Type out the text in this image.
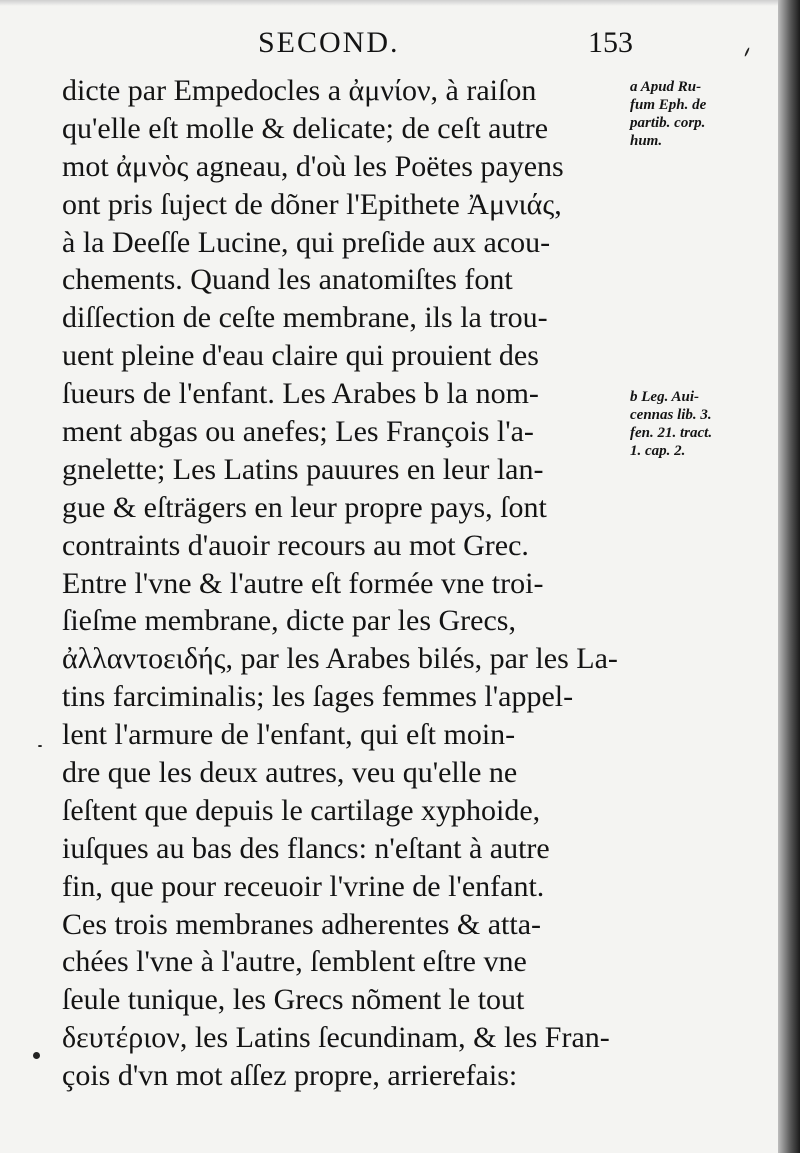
SECOND.	153
dicte par Empedocles a ἀμνίον, à raiſon
qu'elle eſt molle & delicate; de ceſt autre
mot ἀμνὸς agneau, d'où les Poëtes payens
ont pris ſuject de dõner l'Epithete Ἀμνιάς,
à la Deeſſe Lucine, qui preſide aux acou-
chements. Quand les anatomiſtes font
diſſection de ceſte membrane, ils la trou-
uent pleine d'eau claire qui prouient des
ſueurs de l'enfant. Les Arabes b la nom-
ment abgas ou anefes; Les François l'a-
gnelette; Les Latins pauures en leur lan-
gue & eſträgers en leur propre pays, ſont
contraints d'auoir recours au mot Grec.
Entre l'vne & l'autre eſt formée vne troi-
ſieſme membrane, dicte par les Grecs,
ἀλλαντοειδής, par les Arabes bilés, par les La-
tins farciminalis; les ſages femmes l'appel-
lent l'armure de l'enfant, qui eſt moin-
dre que les deux autres, veu qu'elle ne
ſeſtent que depuis le cartilage xyphoide,
iuſques au bas des flancs: n'eſtant à autre
fin, que pour receuoir l'vrine de l'enfant.
Ces trois membranes adherentes & atta-
chées l'vne à l'autre, ſemblent eſtre vne
ſeule tunique, les Grecs nõment le tout
δευτέριον, les Latins ſecundinam, & les Fran-
çois d'vn mot aſſez propre, arrierefais:
a Apud Ru-
fum Eph. de
partib. corp.
hum.
b Leg. Aui-
cennas lib. 3.
fen. 21. tract.
1. cap. 2.
